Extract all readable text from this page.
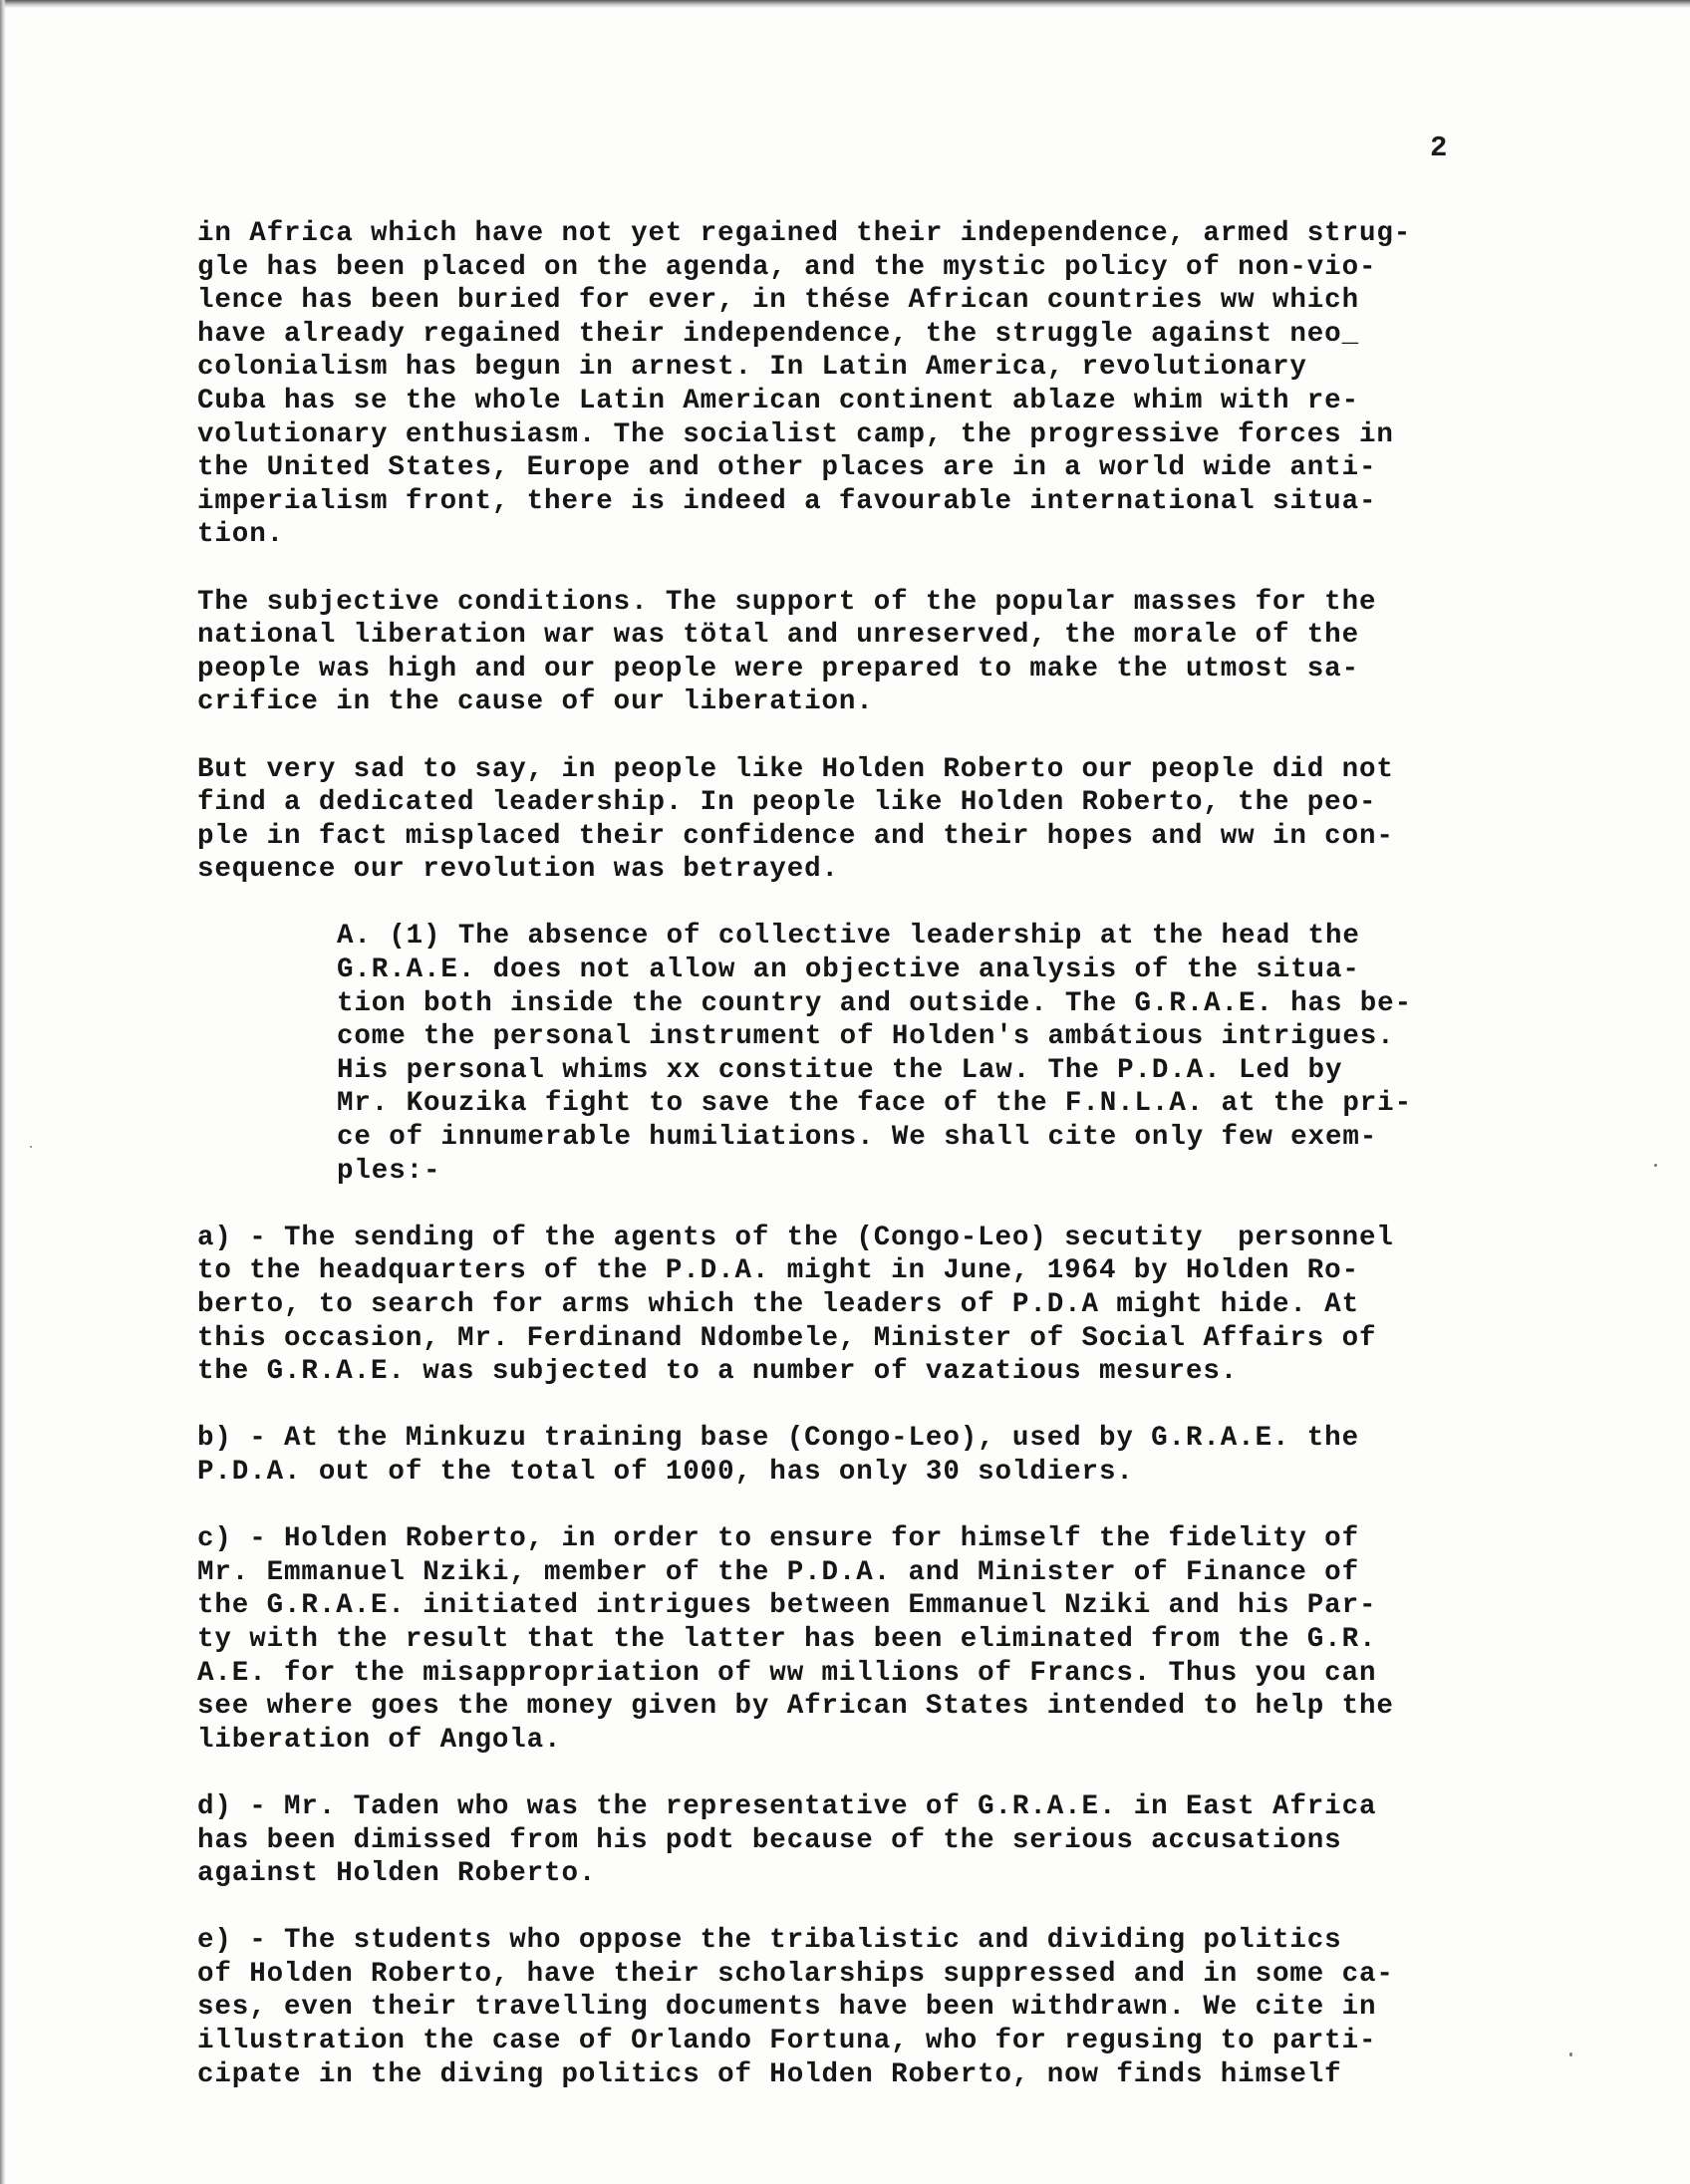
2
in Africa which have not yet regained their independence, armed strug-
gle has been placed on the agenda, and the mystic policy of non-vio-
lence has been buried for ever, in thése African countries ww which
have already regained their independence, the struggle against neo_
colonialism has begun in arnest. In Latin America, revolutionary
Cuba has se the whole Latin American continent ablaze whim with re-
volutionary enthusiasm. The socialist camp, the progressive forces in
the United States, Europe and other places are in a world wide anti-
imperialism front, there is indeed a favourable international situa-
tion.
The subjective conditions. The support of the popular masses for the
national liberation war was tötal and unreserved, the morale of the
people was high and our people were prepared to make the utmost sa-
crifice in the cause of our liberation.
But very sad to say, in people like Holden Roberto our people did not
find a dedicated leadership. In people like Holden Roberto, the peo-
ple in fact misplaced their confidence and their hopes and ww in con-
sequence our revolution was betrayed.
A. (1) The absence of collective leadership at the head the
G.R.A.E. does not allow an objective analysis of the situa-
tion both inside the country and outside. The G.R.A.E. has be-
come the personal instrument of Holden's ambátious intrigues.
His personal whims xx constitue the Law. The P.D.A. Led by
Mr. Kouzika fight to save the face of the F.N.L.A. at the pri-
ce of innumerable humiliations. We shall cite only few exem-
ples:-
a) - The sending of the agents of the (Congo-Leo) secutity  personnel
to the headquarters of the P.D.A. might in June, 1964 by Holden Ro-
berto, to search for arms which the leaders of P.D.A might hide. At
this occasion, Mr. Ferdinand Ndombele, Minister of Social Affairs of
the G.R.A.E. was subjected to a number of vazatious mesures.
b) - At the Minkuzu training base (Congo-Leo), used by G.R.A.E. the
P.D.A. out of the total of 1000, has only 30 soldiers.
c) - Holden Roberto, in order to ensure for himself the fidelity of
Mr. Emmanuel Nziki, member of the P.D.A. and Minister of Finance of
the G.R.A.E. initiated intrigues between Emmanuel Nziki and his Par-
ty with the result that the latter has been eliminated from the G.R.
A.E. for the misappropriation of ww millions of Francs. Thus you can
see where goes the money given by African States intended to help the
liberation of Angola.
d) - Mr. Taden who was the representative of G.R.A.E. in East Africa
has been dimissed from his podt because of the serious accusations
against Holden Roberto.
e) - The students who oppose the tribalistic and dividing politics
of Holden Roberto, have their scholarships suppressed and in some ca-
ses, even their travelling documents have been withdrawn. We cite in
illustration the case of Orlando Fortuna, who for regusing to parti-
cipate in the diving politics of Holden Roberto, now finds himself
